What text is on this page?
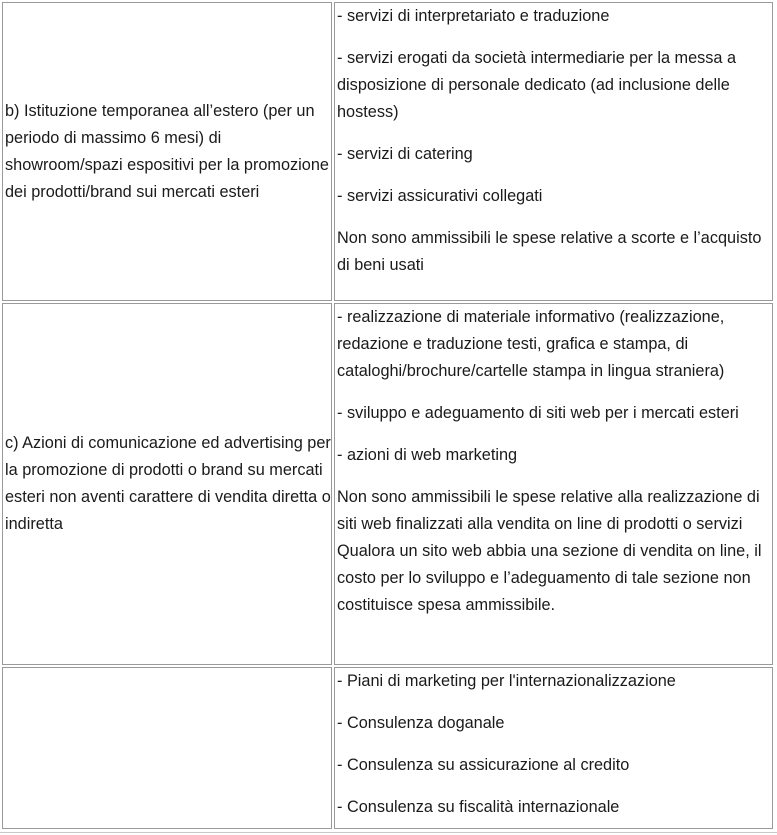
b) Istituzione temporanea all’estero (per un periodo di massimo 6 mesi) di showroom/spazi espositivi per la promozione dei prodotti/brand sui mercati esteri	- servizi di interpretariato e traduzione

- servizi erogati da società intermediarie per la messa a disposizione di personale dedicato (ad inclusione delle hostess)

- servizi di catering

- servizi assicurativi collegati

Non sono ammissibili le spese relative a scorte e l’acquisto di beni usati

c) Azioni di comunicazione ed advertising per la promozione di prodotti o brand su mercati esteri non aventi carattere di vendita diretta o indiretta	- realizzazione di materiale informativo (realizzazione, redazione e traduzione testi, grafica e stampa, di cataloghi/brochure/cartelle stampa in lingua straniera)

- sviluppo e adeguamento di siti web per i mercati esteri

- azioni di web marketing

Non sono ammissibili le spese relative alla realizzazione di siti web finalizzati alla vendita on line di prodotti o servizi Qualora un sito web abbia una sezione di vendita on line, il costo per lo sviluppo e l’adeguamento di tale sezione non costituisce spesa ammissibile.

	- Piani di marketing per l'internazionalizzazione

- Consulenza doganale

- Consulenza su assicurazione al credito

- Consulenza su fiscalità internazionale
